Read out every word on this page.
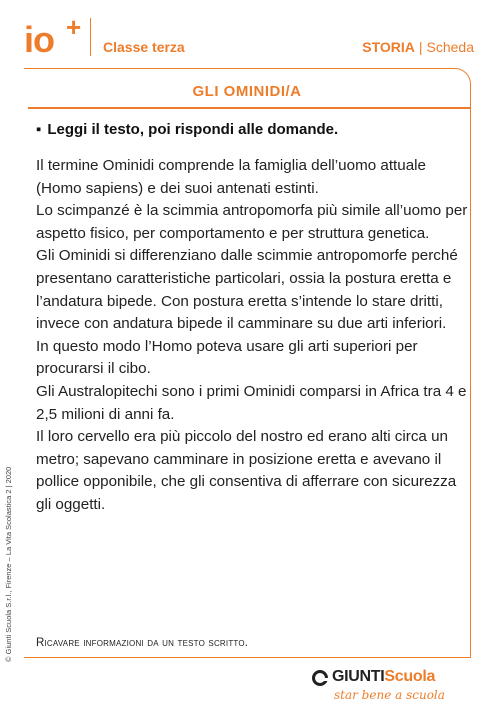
io +
Classe terza	STORIA | Scheda
GLI OMINIDI/A
▪ Leggi il testo, poi rispondi alle domande.

Il termine Ominidi comprende la famiglia dell’uomo attuale (Homo sapiens) e dei suoi antenati estinti.

Lo scimpanzé è la scimmia antropomorfa più simile all’uomo per aspetto fisico, per comportamento e per struttura genetica.

Gli Ominidi si differenziano dalle scimmie antropomorfe perché presentano caratteristiche particolari, ossia la postura eretta e l’andatura bipede. Con postura eretta s’intende lo stare dritti, invece con andatura bipede il camminare su due arti inferiori.

In questo modo l’Homo poteva usare gli arti superiori per procurarsi il cibo.

Gli Australopitechi sono i primi Ominidi comparsi in Africa tra 4 e 2,5 milioni di anni fa.

Il loro cervello era più piccolo del nostro ed erano alti circa un metro; sapevano camminare in posizione eretta e avevano il pollice opponibile, che gli consentiva di afferrare con sicurezza gli oggetti.

Ricavare informazioni da un testo scritto.
© Giunti Scuola S.r.l., Firenze – La Vita Scolastica 2 | 2020
GIUNTIScuola
star bene a scuola
